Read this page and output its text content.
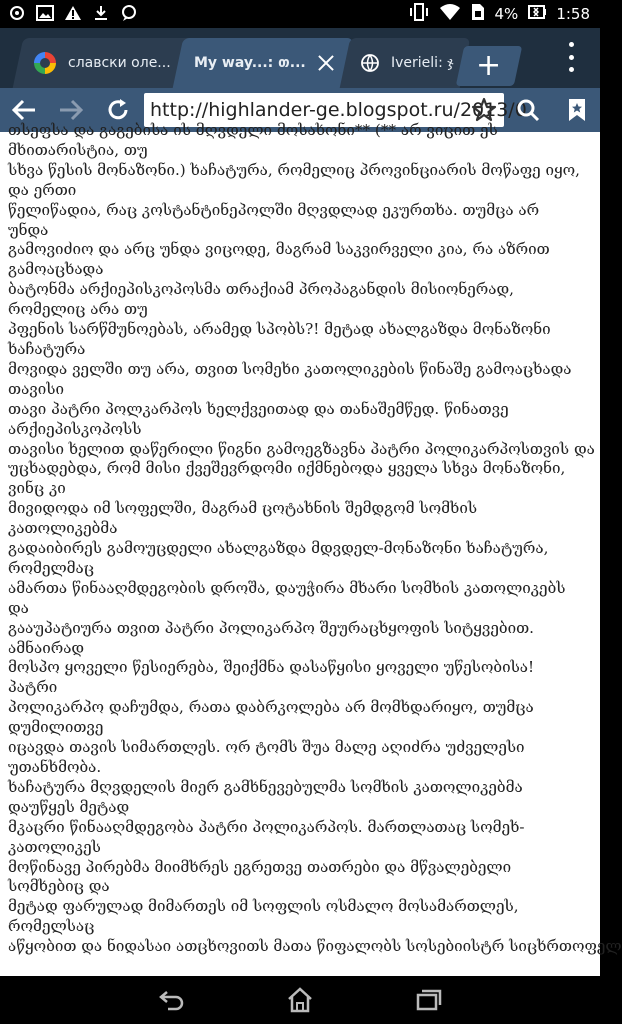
4%	1:58
славски оле...	My way...: თ...	Iverieli: ჯ +
http://highlander-ge.blogspot.ru/2013/0
თსეფსა და გაგებისა ის მღვდელი მოსახონი** (** არ ვიცით ეს
მხითარისტია, თუ
სხვა წესის მონაზონი.) ხაჩატურა, რომელიც პროვინციარის მოწაფე იყო,
და ერთი
წელიწადია, რაც კოსტანტინეპოლში მღვდლად ეკურთხა. თუმცა არ
უნდა
გამოვიძიო და არც უნდა ვიცოდე, მაგრამ საკვირველი კია, რა აზრით
გამოაცხადა
ბატონმა არქიეპისკოპოსმა თრაქიამ პროპაგანდის მისიონერად,
რომელიც არა თუ
პფენის სარწმუნოებას, არამედ სპობს?! მეტად ახალგაზდა მონაზონი
ხაჩატურა
მოვიდა ველში თუ არა, თვით სომეხი კათოლიკების წინაშე გამოაცხადა
თავისი
თავი პატრი პოლკარპოს ხელქვეითად და თანაშემწედ. წინათვე
არქიეპისკოპოსს
თავისი ხელით დაწერილი წიგნი გამოეგზავნა პატრი პოლიკარპოსთვის და
უცხადებდა, რომ მისი ქვეშევრდომი იქმნებოდა ყველა სხვა მონაზონი,
ვინც კი
მივიდოდა იმ სოფელში, მაგრამ ცოტახნის შემდგომ სომხის
კათოლიკებმა
გადაიბირეს გამოუცდელი ახალგაზდა მდვდელ-მონაზონი ხაჩატურა,
რომელმაც
ამართა წინააღმდეგობის დროშა, დაუჭირა მხარი სომხის კათოლიკებს
და
გააუპატიურა თვით პატრი პოლიკარპო შეურაცხყოფის სიტყვებით.
ამნაირად
მოსპო ყოველი წესიერება, შეიქმნა დასაწყისი ყოველი უწესობისა!
პატრი
პოლიკარპო დაჩუმდა, რათა დაბრკოლება არ მომხდარიყო, თუმცა
დუმილითვე
იცავდა თავის სიმართლეს. ორ ტომს შუა მალე აღიძრა უძველესი
უთანხმობა.
ხაჩატურა მღვდელის მიერ გამხნევებულმა სომხის კათოლიკებმა
დაუწყეს მეტად
მკაცრი წინააღმდეგობა პატრი პოლიკარპოს. მართლათაც სომეხ-
კათოლიკეს
მოწინავე პირებმა მიიმხრეს ეგრეთვე თათრები და მწვალებელი
სომხებიც და
მეტად ფარულად მიმართეს იმ სოფლის ოსმალო მოსამართლეს,
რომელსაც
აწყობით და ნიდასაი ათცხოვითს მათა წიფალობს სოსებიისტრ სიცხრთოფელ
